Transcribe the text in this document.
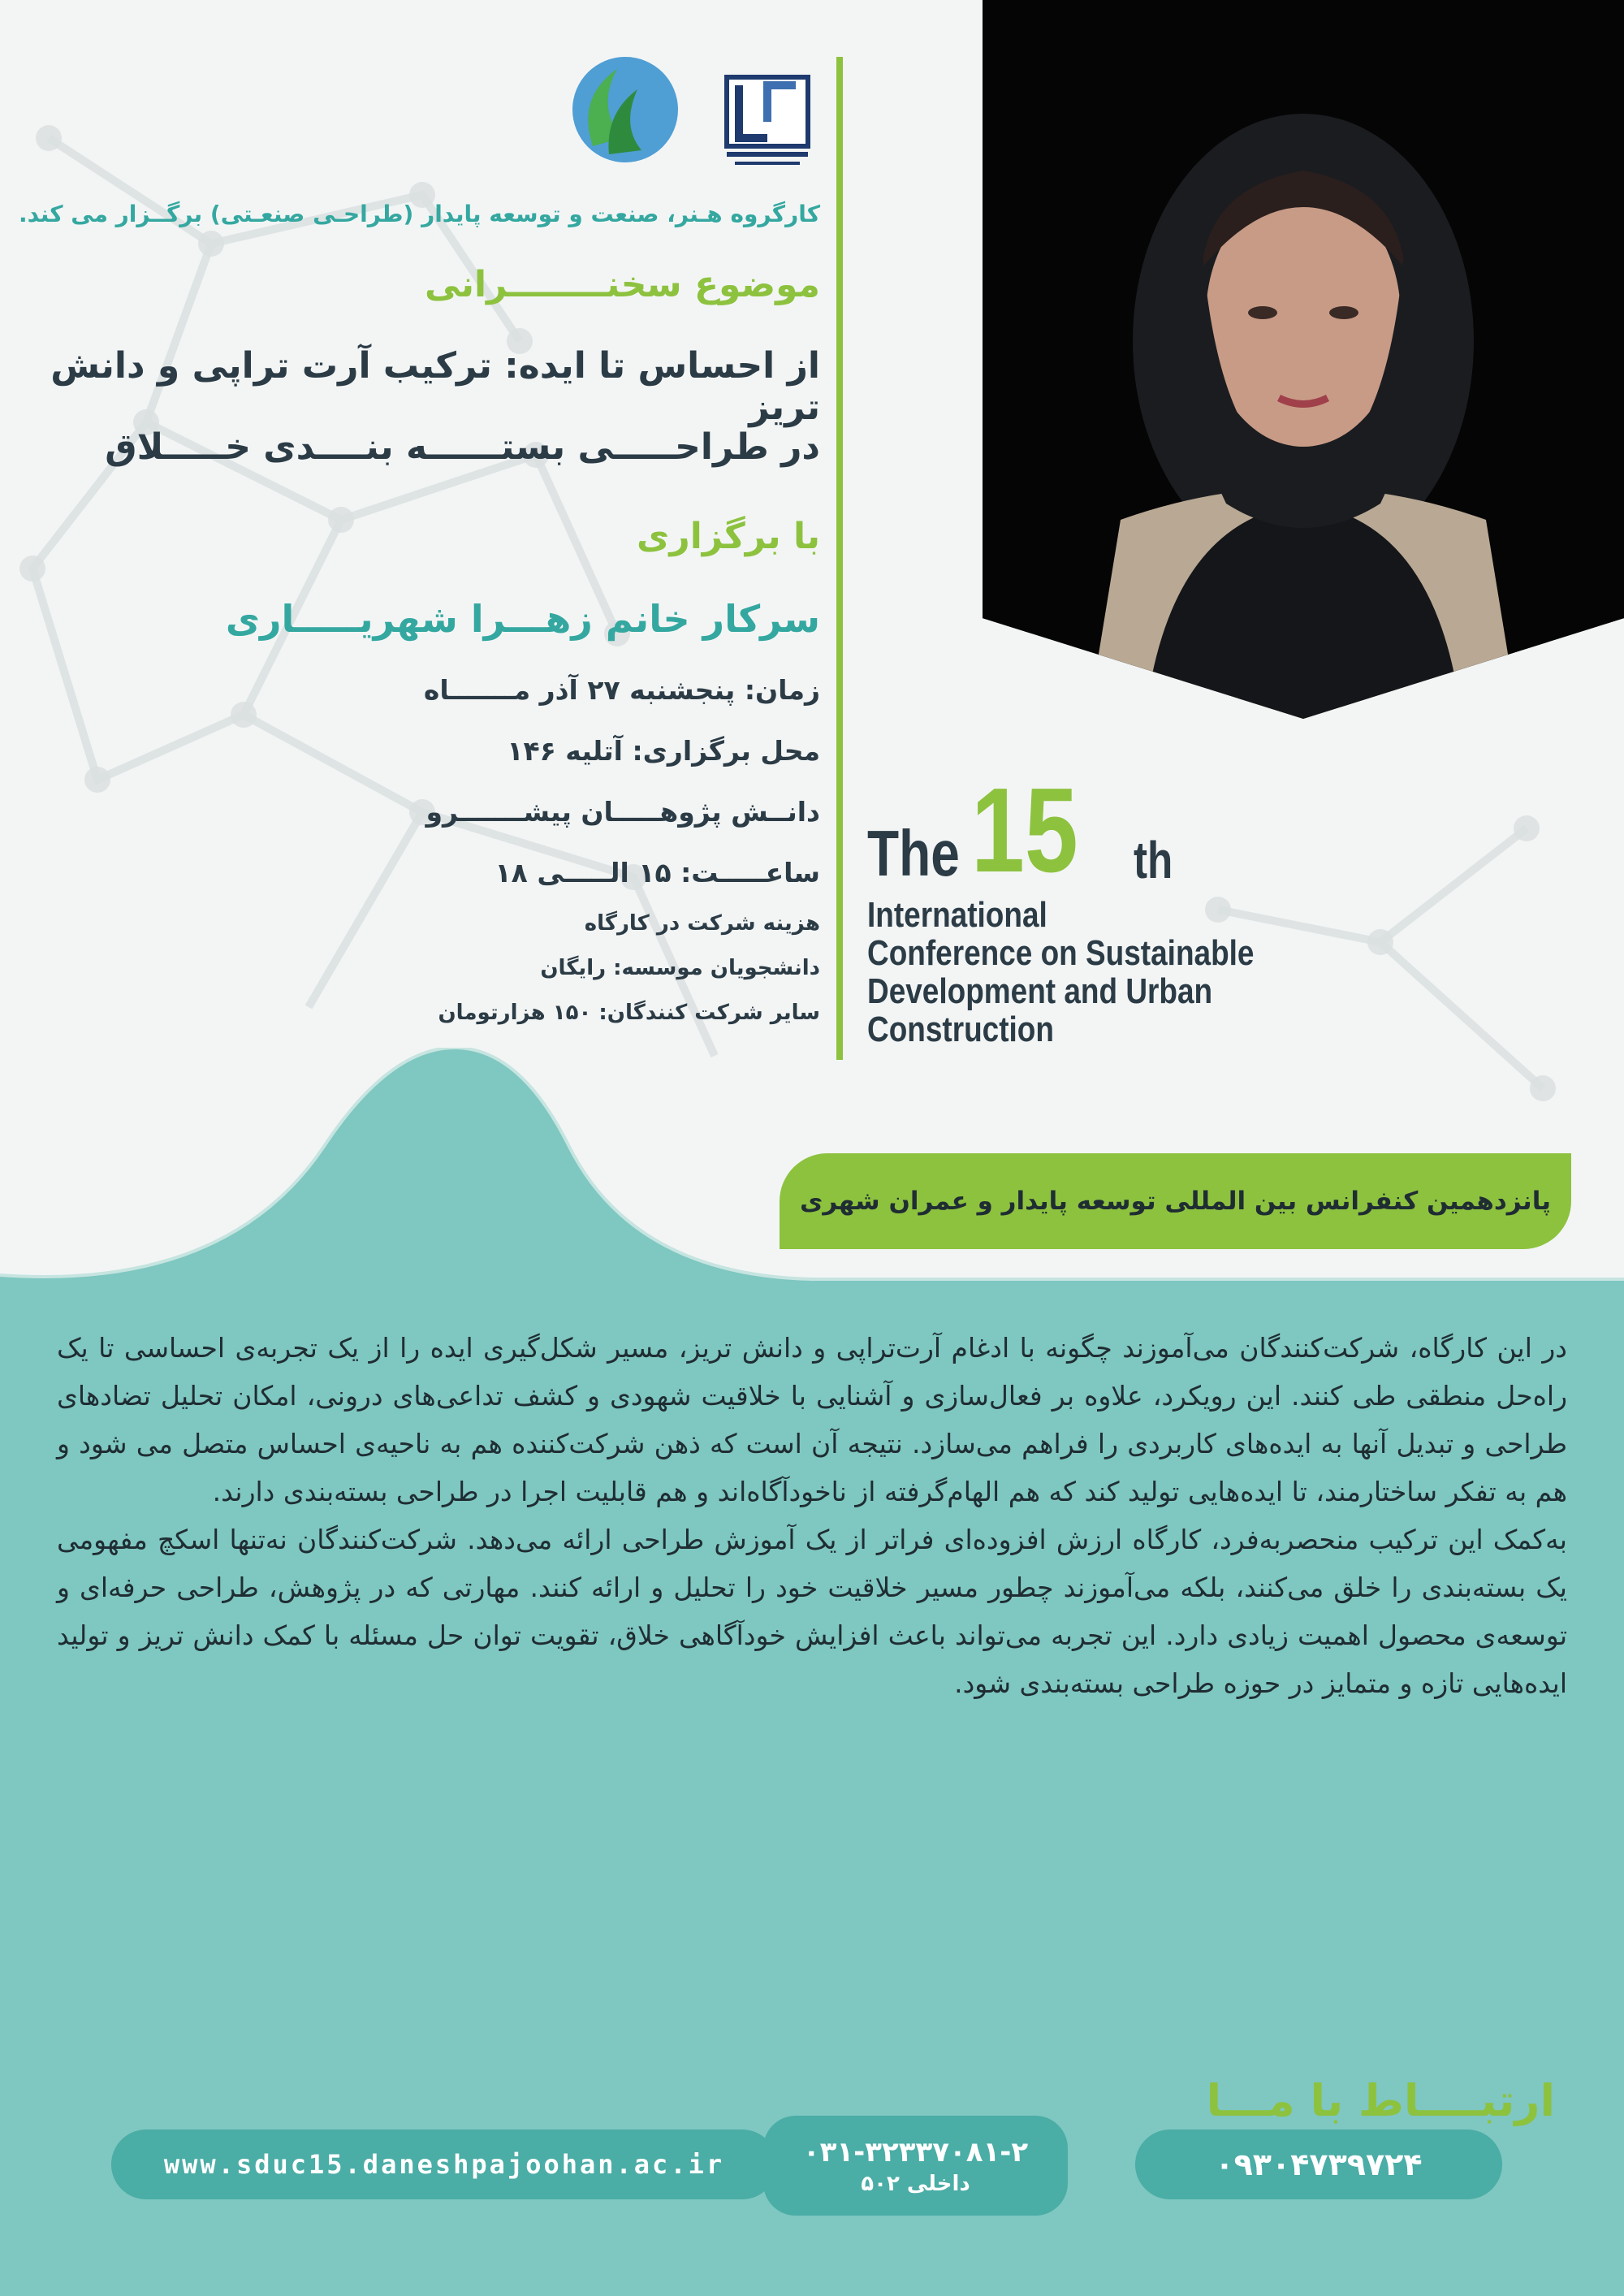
کارگروه هـنر، صنعت و توسعه پایدار (طراحـی صنعـتی) برگــزار می کند.
موضوع سخنــــــــرانی
از احساس تا ایده: ترکیب آرت تراپی و دانش تریز
در طراحـــــی بستــــــه بنــــدی خـــــلاق
با برگزاری
سرکار خانم زهـــرا شهریـــــاری
زمان: پنجشنبه ۲۷ آذر مـــــــاه
محل برگزاری: آتلیه ۱۴۶
دانــش پژوهـــــان پیشـــــــرو
ساعـــــت: ۱۵ الـــــی ۱۸
هزینه شرکت در کارگاه
دانشجویان موسسه: رایگان
سایر شرکت کنندگان: ۱۵۰ هزارتومان
The 15	th
International
Conference on Sustainable
Development and Urban
Construction
پانزدهمین کنفرانس بین المللی توسعه پایدار و عمران شهری

در این کارگاه، شرکت‌کنندگان می‌آموزند چگونه با ادغام آرت‌تراپی و دانش تریز، مسیر شکل‌گیری ایده را از یک تجربه‌ی احساسی تا یک راه‌حل منطقی طی کنند. این رویکرد، علاوه بر فعال‌سازی و آشنایی با خلاقیت شهودی و کشف تداعی‌های درونی، امکان تحلیل تضادهای طراحی و تبدیل آنها به ایده‌های کاربردی را فراهم می‌سازد. نتیجه آن است که ذهن شرکت‌کننده هم به ناحیه‌ی احساس متصل می شود و هم به تفکر ساختارمند، تا ایده‌هایی تولید کند که هم الهام‌گرفته از ناخودآگاه‌اند و هم قابلیت اجرا در طراحی بسته‌بندی دارند.

به‌کمک این ترکیب منحصربه‌فرد، کارگاه ارزش افزوده‌ای فراتر از یک آموزش طراحی ارائه می‌دهد. شرکت‌کنندگان نه‌تنها اسکچ مفهومی یک بسته‌بندی را خلق می‌کنند، بلکه می‌آموزند چطور مسیر خلاقیت خود را تحلیل و ارائه کنند. مهارتی که در پژوهش، طراحی حرفه‌ای و توسعه‌ی محصول اهمیت زیادی دارد. این تجربه می‌تواند باعث افزایش خودآگاهی خلاق، تقویت توان حل مسئله با کمک دانش تریز و تولید ایده‌هایی تازه و متمایز در حوزه طراحی بسته‌بندی شود.

ارتبــــاط با مـــا
www.sduc15.daneshpajoohan.ac.ir	۰۳۱-۳۲۳۳۷۰۸۱-۲
داخلی ۵۰۲
۰۹۳۰۴۷۳۹۷۲۴
